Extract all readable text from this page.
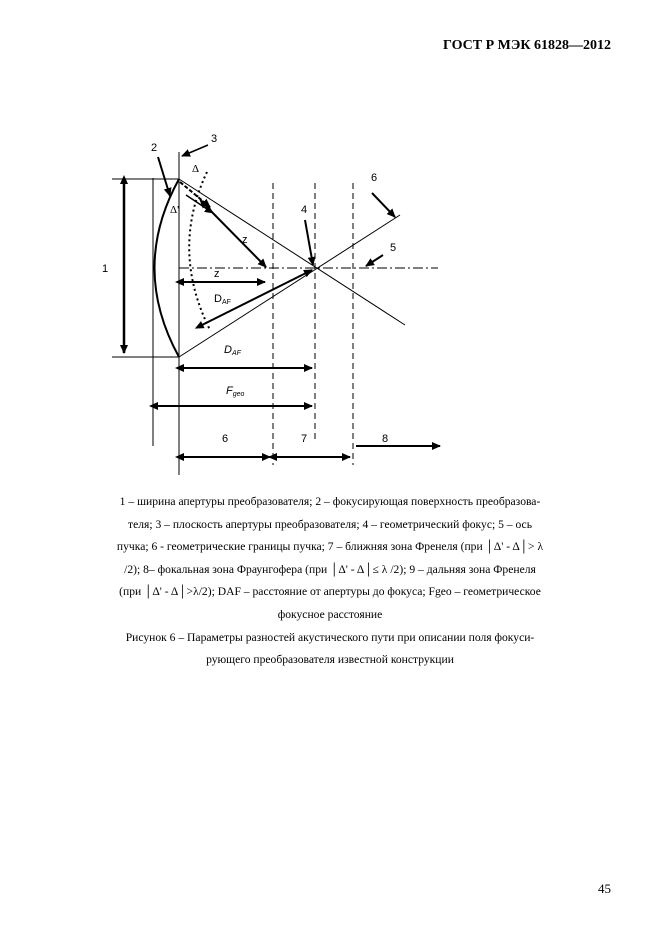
ГОСТ Р МЭК 61828—2012
1
2
3
4
5
6
6	7	8
z
z
DAF
DAF
Fgeo
Δ
Δ'
1 – ширина апертуры преобразователя; 2 – фокусирующая поверхность преобразова-
теля; 3 – плоскость апертуры преобразователя; 4 – геометрический фокус; 5 – ось
пучка; 6 - геометрические границы пучка; 7 – ближняя зона Френеля (при │Δ' - Δ│> λ
/2); 8– фокальная зона Фраунгофера (при │Δ' - Δ│≤ λ /2); 9 – дальняя зона Френеля
(при │Δ' - Δ│>λ/2); DAF – расстояние от апертуры до фокуса; Fgeo – геометрическое
фокусное расстояние
Рисунок 6 – Параметры разностей акустического пути при описании поля фокуси-
рующего преобразователя известной конструкции
45
